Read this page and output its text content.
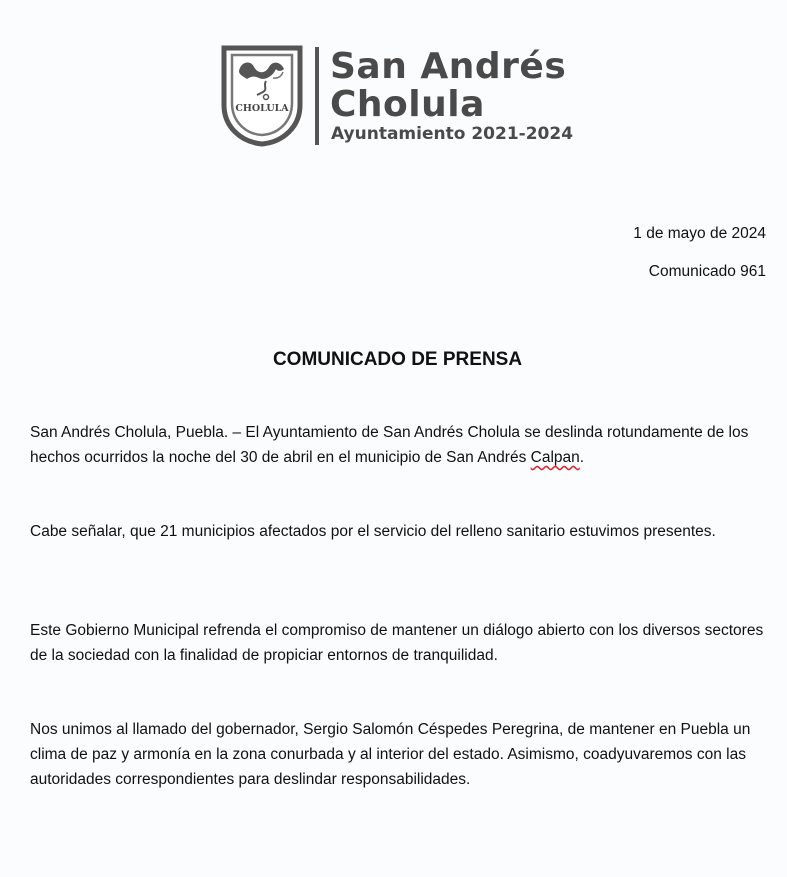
CHOLULA
San Andrés
Cholula
Ayuntamiento 2021-2024
1 de mayo de 2024
Comunicado 961
COMUNICADO DE PRENSA
San Andrés Cholula, Puebla. – El Ayuntamiento de San Andrés Cholula se deslinda rotundamente de los hechos ocurridos la noche del 30 de abril en el municipio de San Andrés Calpan.
Cabe señalar, que 21 municipios afectados por el servicio del relleno sanitario estuvimos presentes.
Este Gobierno Municipal refrenda el compromiso de mantener un diálogo abierto con los diversos sectores de la sociedad con la finalidad de propiciar entornos de tranquilidad.
Nos unimos al llamado del gobernador, Sergio Salomón Céspedes Peregrina, de mantener en Puebla un clima de paz y armonía en la zona conurbada y al interior del estado. Asimismo, coadyuvaremos con las autoridades correspondientes para deslindar responsabilidades.
